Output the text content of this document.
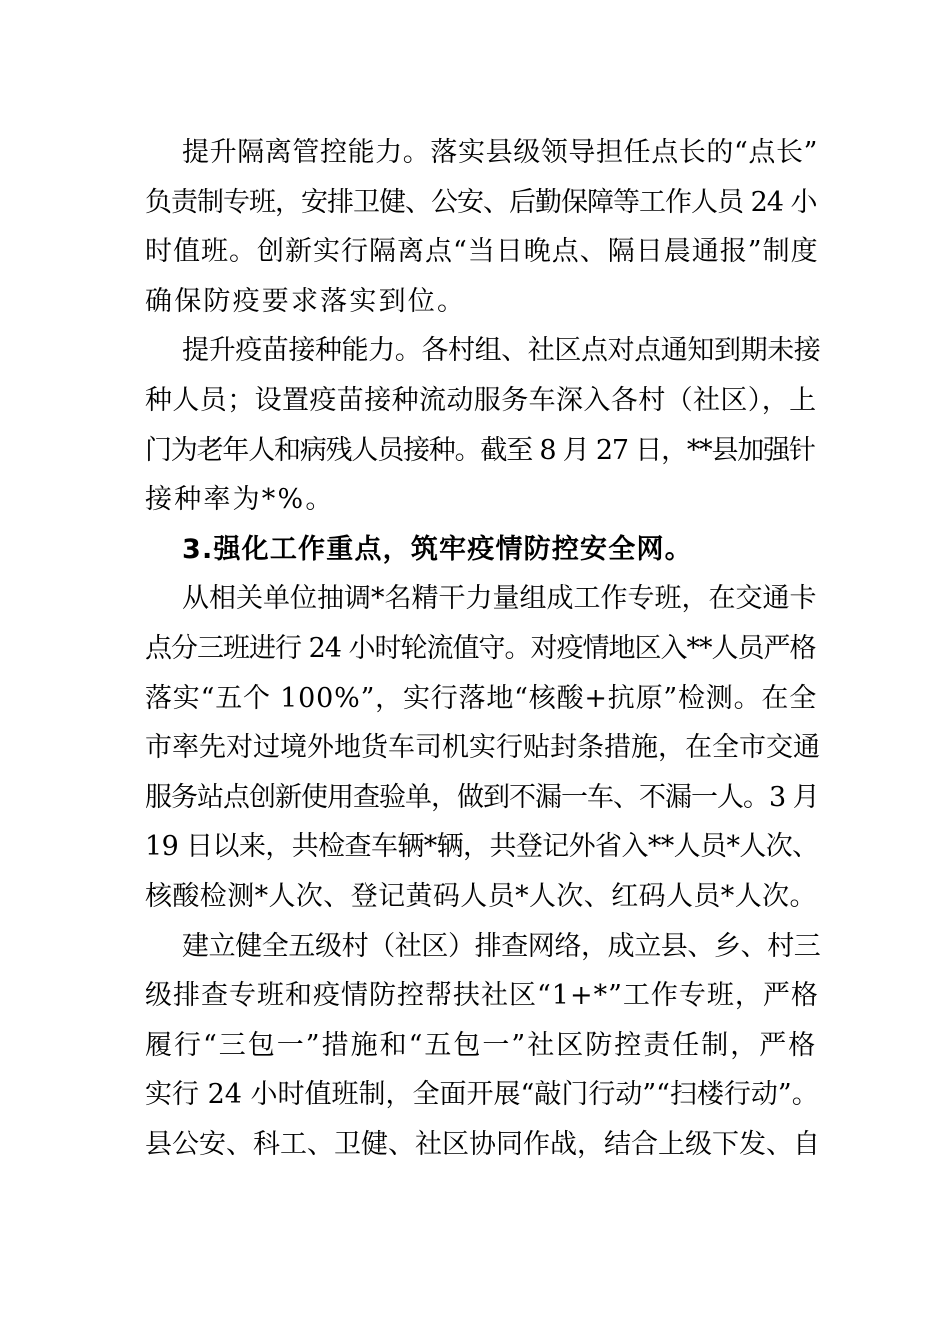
提升隔离管控能力。落实县级领导担任点长的“点长”
负责制专班，安排卫健、公安、后勤保障等工作人员 24 小
时值班。创新实行隔离点“当日晚点、隔日晨通报”制度
确保防疫要求落实到位。
提升疫苗接种能力。各村组、社区点对点通知到期未接
种人员；设置疫苗接种流动服务车深入各村（社区），上
门为老年人和病残人员接种。截至 8 月 27 日，**县加强针
接种率为*%。
3.强化工作重点，筑牢疫情防控安全网。
从相关单位抽调*名精干力量组成工作专班，在交通卡
点分三班进行 24 小时轮流值守。对疫情地区入**人员严格
落实“五个 100%”，实行落地“核酸+抗原”检测。在全
市率先对过境外地货车司机实行贴封条措施，在全市交通
服务站点创新使用查验单，做到不漏一车、不漏一人。3 月
19 日以来，共检查车辆*辆，共登记外省入**人员*人次、
核酸检测*人次、登记黄码人员*人次、红码人员*人次。
建立健全五级村（社区）排查网络，成立县、乡、村三
级排查专班和疫情防控帮扶社区“1+*”工作专班，严格
履行“三包一”措施和“五包一”社区防控责任制，严格
实行 24 小时值班制，全面开展“敲门行动”“扫楼行动”。
县公安、科工、卫健、社区协同作战，结合上级下发、自
